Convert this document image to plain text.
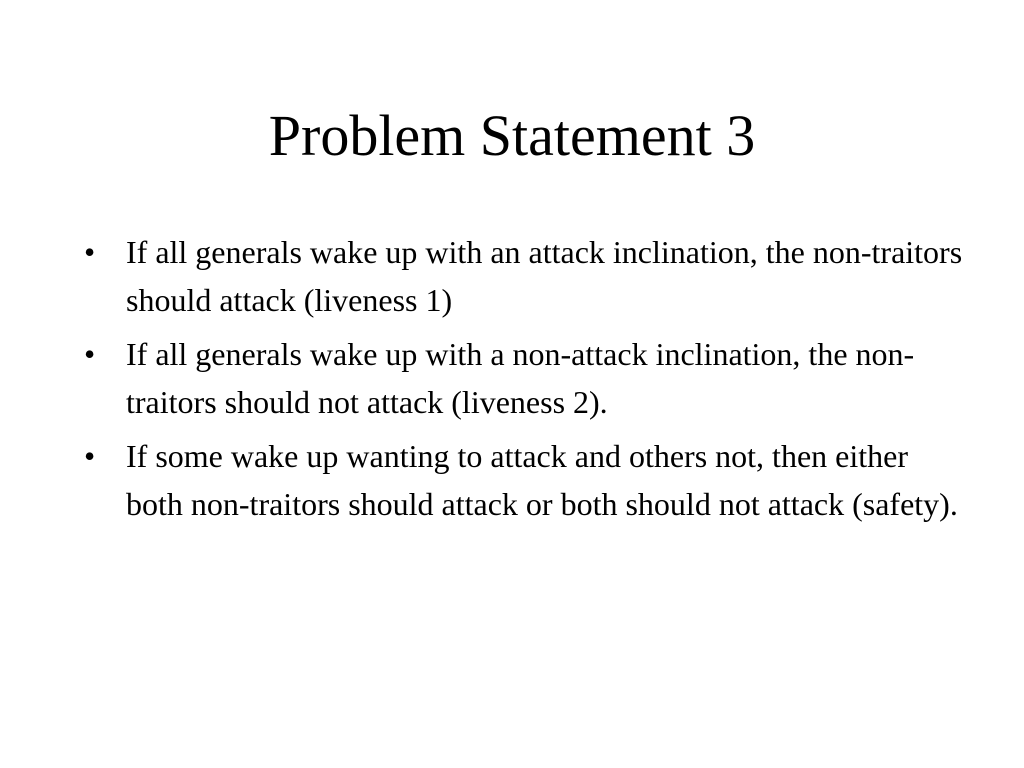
Problem Statement 3
• If all generals wake up with an attack inclination, the non-traitors should attack (liveness 1)
• If all generals wake up with a non-attack inclination, the non-traitors should not attack (liveness 2).
• If some wake up wanting to attack and others not, then either both non-traitors should attack or both should not attack (safety).
